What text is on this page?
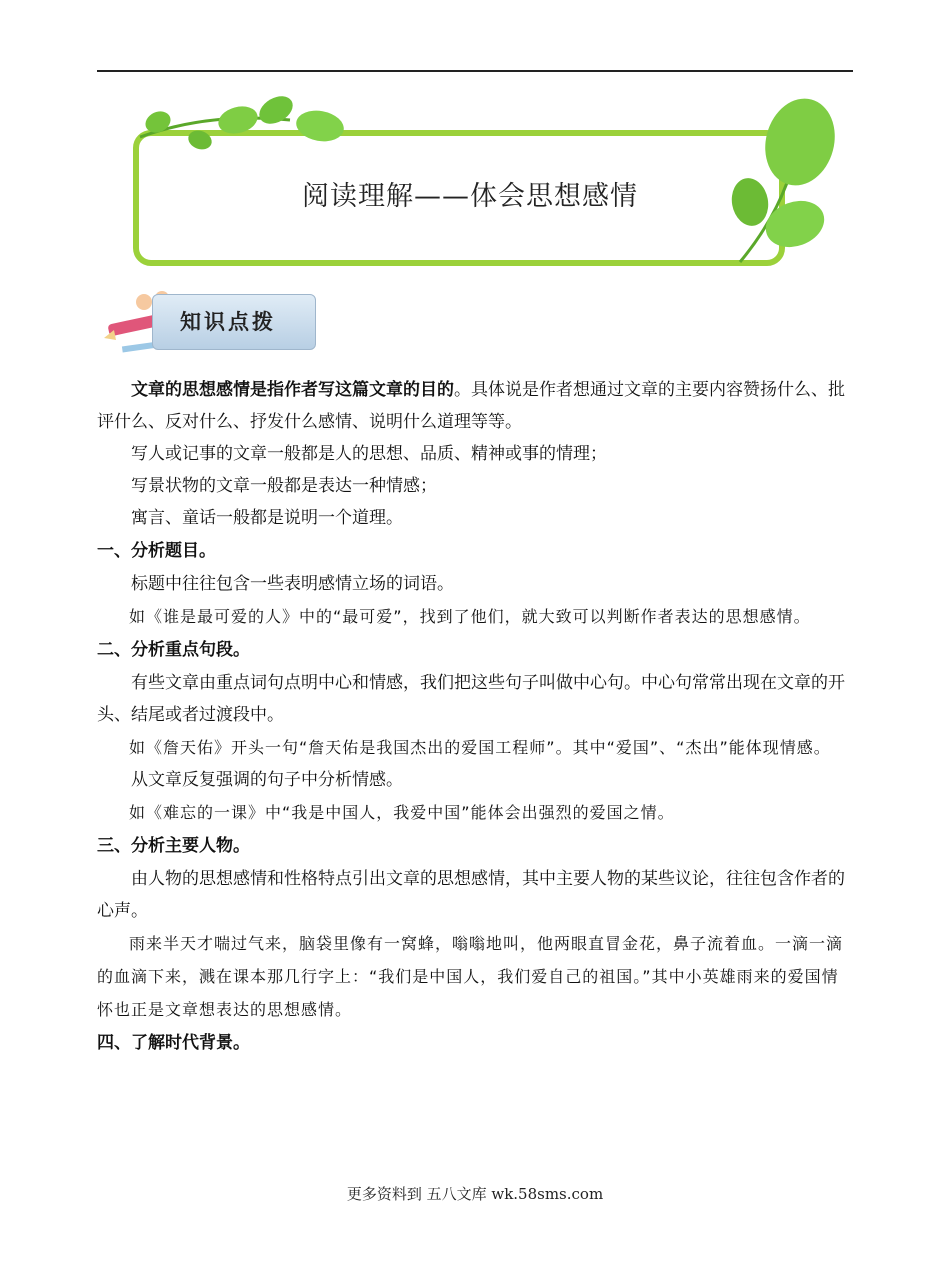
阅读理解——体会思想感情
知识点拨

文章的思想感情是指作者写这篇文章的目的。具体说是作者想通过文章的主要内容赞扬什么、批评什么、反对什么、抒发什么感情、说明什么道理等等。

写人或记事的文章一般都是人的思想、品质、精神或事的情理；

写景状物的文章一般都是表达一种情感；

寓言、童话一般都是说明一个道理。

一、分析题目。

标题中往往包含一些表明感情立场的词语。

如《谁是最可爱的人》中的“最可爱”，找到了他们，就大致可以判断作者表达的思想感情。

二、分析重点句段。

有些文章由重点词句点明中心和情感，我们把这些句子叫做中心句。中心句常常出现在文章的开头、结尾或者过渡段中。

如《詹天佑》开头一句“詹天佑是我国杰出的爱国工程师”。其中“爱国”、“杰出”能体现情感。

从文章反复强调的句子中分析情感。

如《难忘的一课》中“我是中国人，我爱中国”能体会出强烈的爱国之情。

三、分析主要人物。

由人物的思想感情和性格特点引出文章的思想感情，其中主要人物的某些议论，往往包含作者的心声。

雨来半天才喘过气来，脑袋里像有一窝蜂，嗡嗡地叫，他两眼直冒金花，鼻子流着血。一滴一滴的血滴下来，溅在课本那几行字上：“我们是中国人，我们爱自己的祖国。”其中小英雄雨来的爱国情怀也正是文章想表达的思想感情。

四、了解时代背景。

更多资料到 五八文库 wk.58sms.com
